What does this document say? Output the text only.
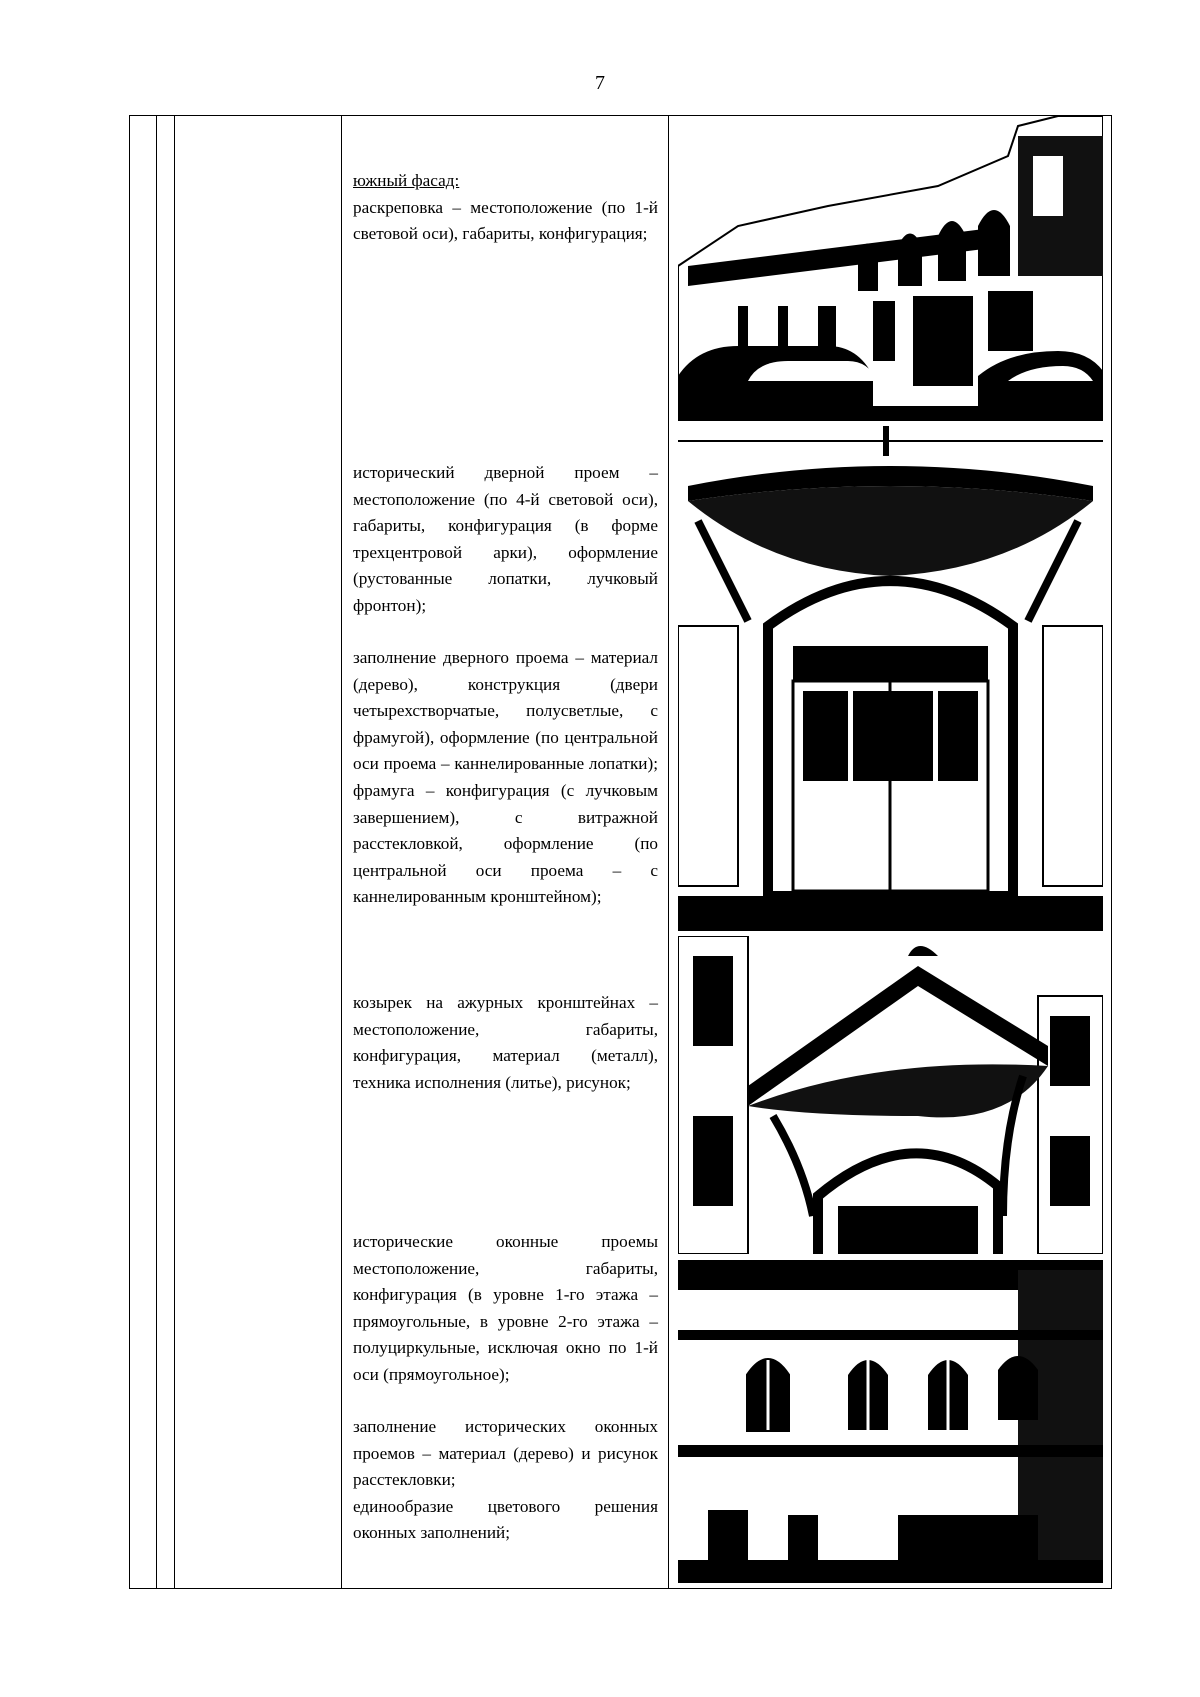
7

южный фасад:

раскреповка – местоположение (по 1-й световой оси), габариты, конфигурация;

исторический дверной проем – местоположение (по 4-й световой оси), габариты, конфигурация (в форме трехцентровой арки), оформление (рустованные лопатки, лучковый фронтон);

заполнение дверного проема – материал (дерево), конструкция (двери четырехстворчатые, полусветлые, с фрамугой), оформление (по центральной оси проема – каннелированные лопатки); фрамуга – конфигурация (с лучковым завершением), с витражной расстекловкой, оформление (по центральной оси проема – с каннелированным кронштейном);

козырек на ажурных кронштейнах – местоположение, габариты, конфигурация, материал (металл), техника исполнения (литье), рисунок;

исторические оконные проемы местоположение, габариты, конфигурация (в уровне 1-го этажа – прямоугольные, в уровне 2-го этажа – полуциркульные, исключая окно по 1-й оси (прямоугольное);

заполнение исторических оконных проемов – материал (дерево) и рисунок расстекловки;

единообразие цветового решения оконных заполнений;
